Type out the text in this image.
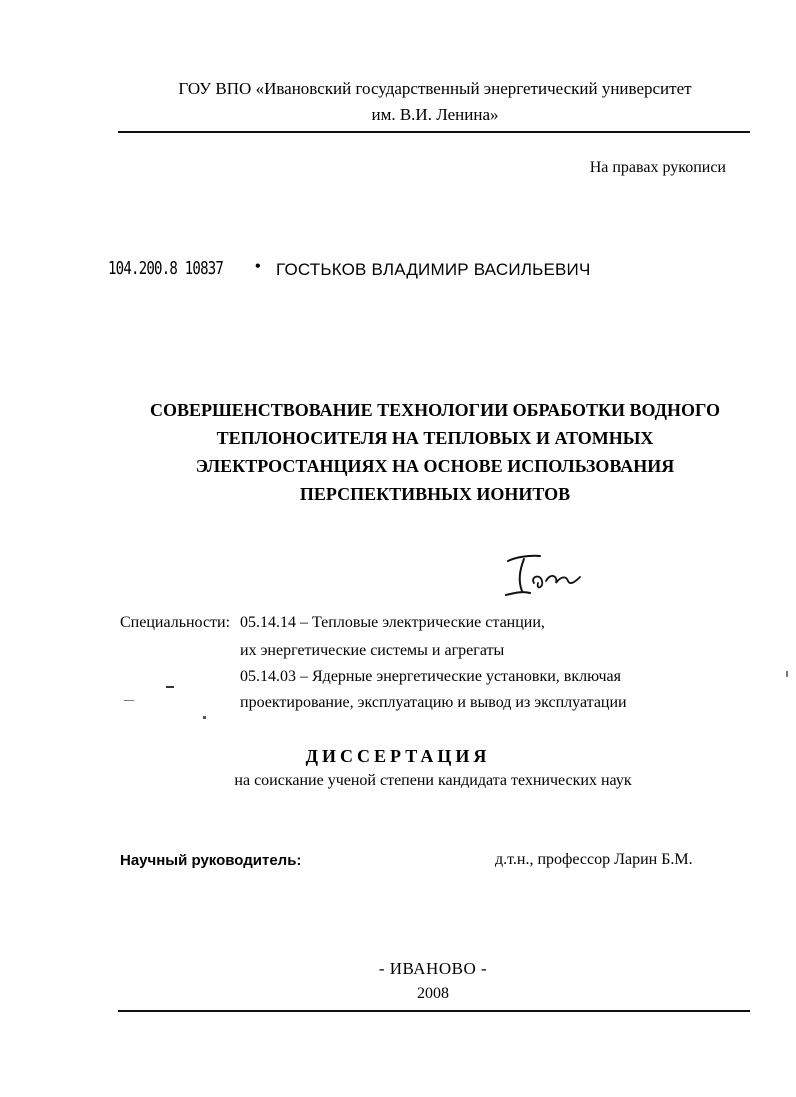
ГОУ ВПО «Ивановский государственный энергетический университет
им. В.И. Ленина»
На правах рукописи
104.200.8 10837 • ГОСТЬКОВ ВЛАДИМИР ВАСИЛЬЕВИЧ
СОВЕРШЕНСТВОВАНИЕ ТЕХНОЛОГИИ ОБРАБОТКИ ВОДНОГО
ТЕПЛОНОСИТЕЛЯ НА ТЕПЛОВЫХ И АТОМНЫХ
ЭЛЕКТРОСТАНЦИЯХ НА ОСНОВЕ ИСПОЛЬЗОВАНИЯ
ПЕРСПЕКТИВНЫХ ИОНИТОВ
Специальности: 05.14.14 – Тепловые электрические станции,
их энергетические системы и агрегаты
05.14.03 – Ядерные энергетические установки, включая
проектирование, эксплуатацию и вывод из эксплуатации
ДИССЕРТАЦИЯ
на соискание ученой степени кандидата технических наук
Научный руководитель:	д.т.н., профессор Ларин Б.М.
- ИВАНОВО -
2008
